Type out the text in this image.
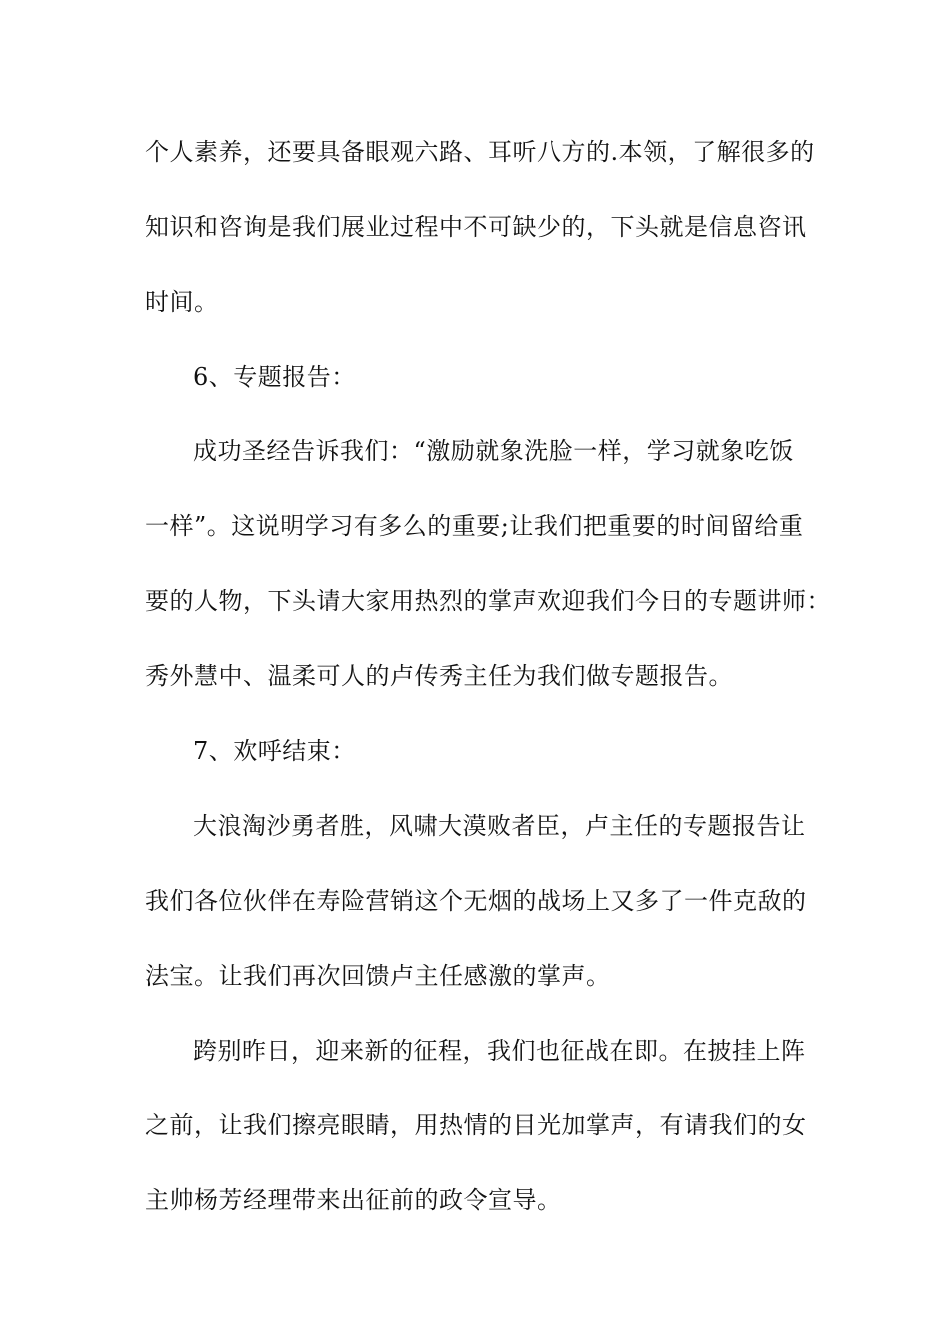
个人素养，还要具备眼观六路、耳听八方的.本领，了解很多的
知识和咨询是我们展业过程中不可缺少的，下头就是信息咨讯
时间。
6、专题报告：
成功圣经告诉我们：“激励就象洗脸一样，学习就象吃饭
一样”。这说明学习有多么的重要;让我们把重要的时间留给重
要的人物，下头请大家用热烈的掌声欢迎我们今日的专题讲师：
秀外慧中、温柔可人的卢传秀主任为我们做专题报告。
7、欢呼结束：
大浪淘沙勇者胜，风啸大漠败者臣，卢主任的专题报告让
我们各位伙伴在寿险营销这个无烟的战场上又多了一件克敌的
法宝。让我们再次回馈卢主任感激的掌声。
跨别昨日，迎来新的征程，我们也征战在即。在披挂上阵
之前，让我们擦亮眼睛，用热情的目光加掌声，有请我们的女
主帅杨芳经理带来出征前的政令宣导。
